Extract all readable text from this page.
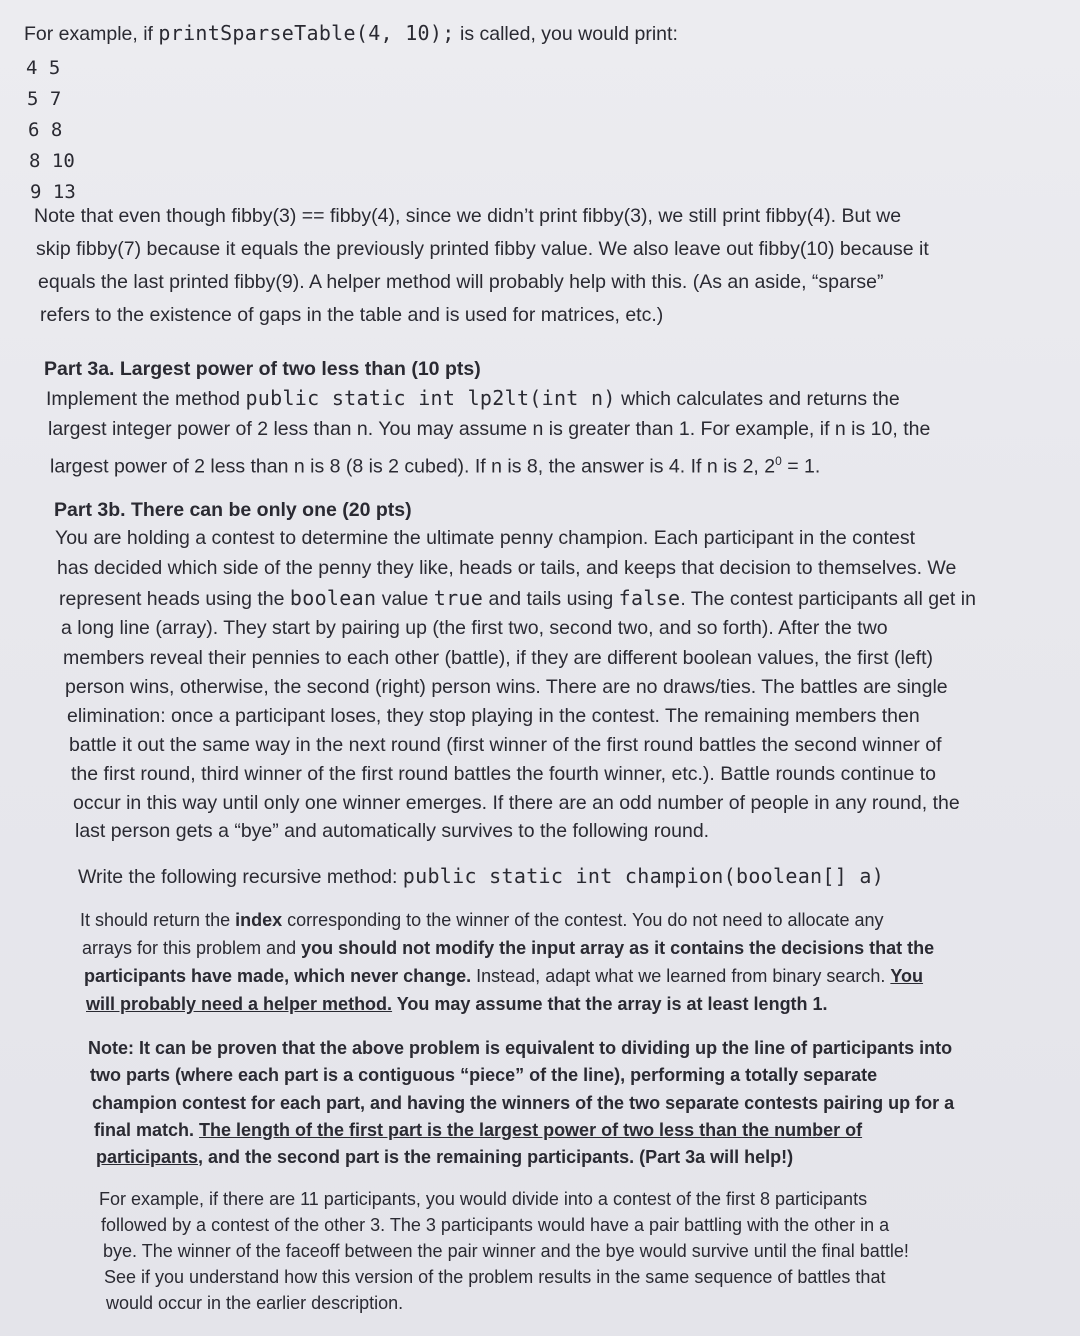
For example, if printSparseTable(4, 10); is called, you would print:
4 5
5 7
6 8
8 10
9 13
Note that even though fibby(3) == fibby(4), since we didn’t print fibby(3), we still print fibby(4). But we
skip fibby(7) because it equals the previously printed fibby value. We also leave out fibby(10) because it
equals the last printed fibby(9). A helper method will probably help with this. (As an aside, “sparse”
refers to the existence of gaps in the table and is used for matrices, etc.)
Part 3a. Largest power of two less than (10 pts)
Implement the method public static int lp2lt(int n) which calculates and returns the
largest integer power of 2 less than n. You may assume n is greater than 1. For example, if n is 10, the
largest power of 2 less than n is 8 (8 is 2 cubed). If n is 8, the answer is 4. If n is 2, $2^0 = 1$.
Part 3b. There can be only one (20 pts)
You are holding a contest to determine the ultimate penny champion. Each participant in the contest
has decided which side of the penny they like, heads or tails, and keeps that decision to themselves. We
represent heads using the boolean value true and tails using false. The contest participants all get in
a long line (array). They start by pairing up (the first two, second two, and so forth). After the two
members reveal their pennies to each other (battle), if they are different boolean values, the first (left)
person wins, otherwise, the second (right) person wins. There are no draws/ties. The battles are single
elimination: once a participant loses, they stop playing in the contest. The remaining members then
battle it out the same way in the next round (first winner of the first round battles the second winner of
the first round, third winner of the first round battles the fourth winner, etc.). Battle rounds continue to
occur in this way until only one winner emerges. If there are an odd number of people in any round, the
last person gets a “bye” and automatically survives to the following round.
Write the following recursive method: public static int champion(boolean[] a)
It should return the index corresponding to the winner of the contest. You do not need to allocate any
arrays for this problem and you should not modify the input array as it contains the decisions that the
participants have made, which never change. Instead, adapt what we learned from binary search. You
will probably need a helper method. You may assume that the array is at least length 1.
Note: It can be proven that the above problem is equivalent to dividing up the line of participants into
two parts (where each part is a contiguous “piece” of the line), performing a totally separate
champion contest for each part, and having the winners of the two separate contests pairing up for a
final match. The length of the first part is the largest power of two less than the number of
participants, and the second part is the remaining participants. (Part 3a will help!)
For example, if there are 11 participants, you would divide into a contest of the first 8 participants
followed by a contest of the other 3. The 3 participants would have a pair battling with the other in a
bye. The winner of the faceoff between the pair winner and the bye would survive until the final battle!
See if you understand how this version of the problem results in the same sequence of battles that
would occur in the earlier description.
